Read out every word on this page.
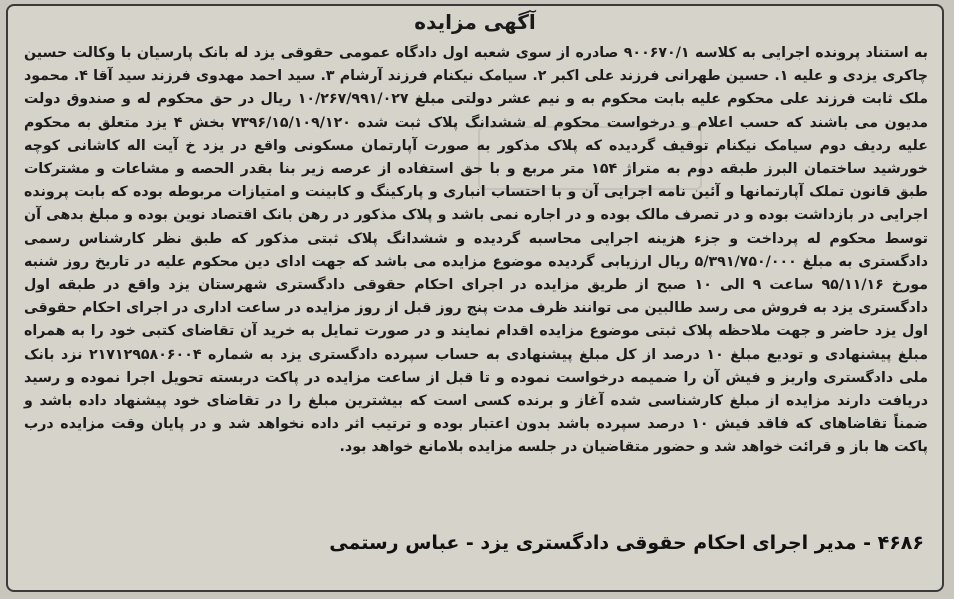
آگهی مزایده

به استناد پرونده اجرایی به کلاسه ۹۰۰۶۷۰/۱ صادره از سوی شعبه اول دادگاه عمومی حقوقی یزد له بانک پارسیان با وکالت حسین چاکری یزدی و علیه ۱. حسین طهرانی فرزند علی اکبر ۲. سیامک نیکنام فرزند آرشام ۳. سید احمد مهدوی فرزند سید آقا ۴. محمود ملک ثابت فرزند علی محکوم علیه بابت محکوم به و نیم عشر دولتی مبلغ ۱۰/۲۶۷/۹۹۱/۰۲۷ ریال در حق محکوم له و صندوق دولت مدیون می باشند که حسب اعلام و درخواست محکوم له ششدانگ پلاک ثبت شده ۷۳۹۶/۱۵/۱۰۹/۱۲۰ بخش ۴ یزد متعلق به محکوم علیه ردیف دوم سیامک نیکنام توقیف گردیده که پلاک مذکور به صورت آپارتمان مسکونی واقع در یزد خ آیت اله کاشانی کوچه خورشید ساختمان البرز طبقه دوم به متراژ ۱۵۴ متر مربع و با حق استفاده از عرصه زیر بنا بقدر الحصه و مشاعات و مشترکات طبق قانون تملک آپارتمانها و آئین نامه اجرایی آن و با احتساب انباری و پارکینگ و کابینت و امتیازات مربوطه بوده که بابت پرونده اجرایی در بازداشت بوده و در تصرف مالک بوده و در اجاره نمی باشد و پلاک مذکور در رهن بانک اقتصاد نوین بوده و مبلغ بدهی آن توسط محکوم له پرداخت و جزء هزینه اجرایی محاسبه گردیده و ششدانگ پلاک ثبتی مذکور که طبق نظر کارشناس رسمی دادگستری به مبلغ ۵/۳۹۱/۷۵۰/۰۰۰ ریال ارزیابی گردیده موضوع مزایده می باشد که جهت ادای دین محکوم علیه در تاریخ روز شنبه مورخ ۹۵/۱۱/۱۶ ساعت ۹ الی ۱۰ صبح از طریق مزایده در اجرای احکام حقوقی دادگستری شهرستان یزد واقع در طبقه اول دادگستری یزد به فروش می رسد طالبین می توانند ظرف مدت پنج روز قبل از روز مزایده در ساعت اداری در اجرای احکام حقوقی اول یزد حاضر و جهت ملاحظه پلاک ثبتی موضوع مزایده اقدام نمایند و در صورت تمایل به خرید آن تقاضای کتبی خود را به همراه مبلغ پیشنهادی و تودیع مبلغ ۱۰ درصد از کل مبلغ پیشنهادی به حساب سپرده دادگستری یزد به شماره ۲۱۷۱۲۹۵۸۰۶۰۰۴ نزد بانک ملی دادگستری واریز و فیش آن را ضمیمه درخواست نموده و تا قبل از ساعت مزایده در پاکت دربسته تحویل اجرا نموده و رسید دریافت دارند مزایده از مبلغ کارشناسی شده آغاز و برنده کسی است که بیشترین مبلغ را در تقاضای خود پیشنهاد داده باشد و ضمناً تقاضاهای که فاقد فیش ۱۰ درصد سپرده باشد بدون اعتبار بوده و ترتیب اثر داده نخواهد شد و در پایان وقت مزایده درب پاکت ها باز و قرائت خواهد شد و حضور متقاضیان در جلسه مزایده بلامانع خواهد بود.

۴۶۸۶ - مدیر اجرای احکام حقوقی دادگستری یزد - عباس رستمی
